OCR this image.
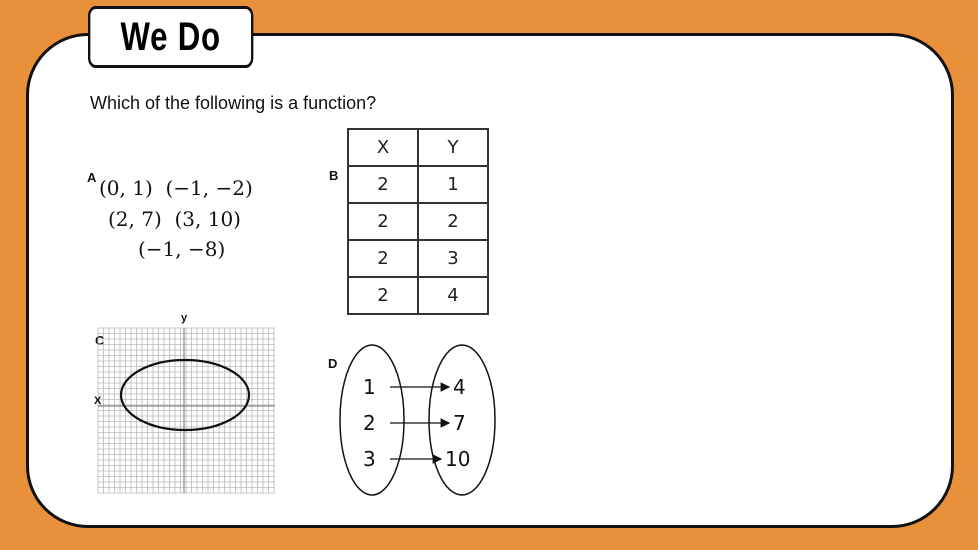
We Do
Which of the following is a function?
A (0, 1)  (−1, −2)
(2, 7)  (3, 10)
(−1, −8)
B
X	Y
2	1
2	2
2	3
2	4
C
y
X
D
1
2
3
4
7
10
